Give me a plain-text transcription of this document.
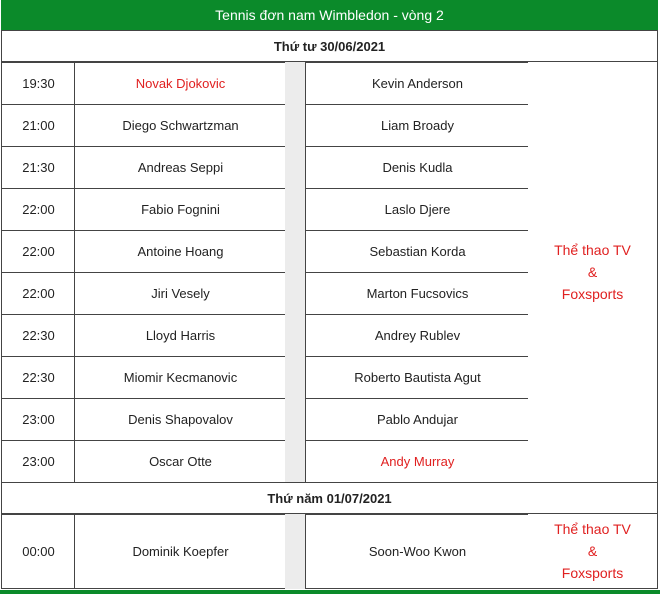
Tennis đơn nam Wimbledon - vòng 2
Thứ tư 30/06/2021
19:30	Novak Djokovic	Kevin Anderson
21:00	Diego Schwartzman	Liam Broady
21:30	Andreas Seppi	Denis Kudla
22:00	Fabio Fognini	Laslo Djere
22:00	Antoine Hoang	Sebastian Korda
22:00	Jiri Vesely	Marton Fucsovics
22:30	Lloyd Harris	Andrey Rublev
22:30	Miomir Kecmanovic	Roberto Bautista Agut
23:00	Denis Shapovalov	Pablo Andujar
23:00	Oscar Otte	Andy Murray
Thể thao TV
&
Foxsports
Thứ năm 01/07/2021
00:00	Dominik Koepfer	Soon-Woo Kwon
Thể thao TV
&
Foxsports
